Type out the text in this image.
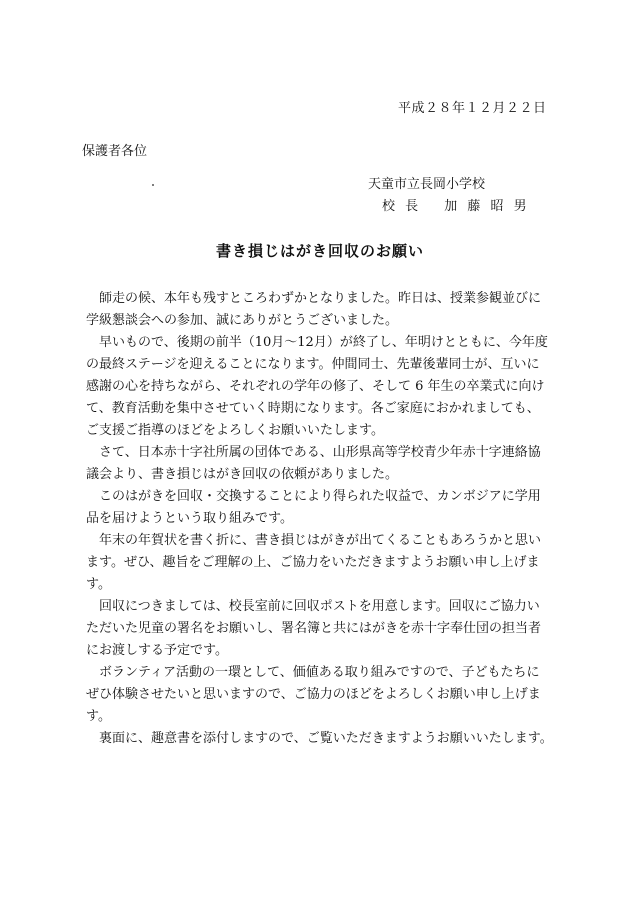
平成２８年１２月２２日
保護者各位
天童市立長岡小学校
校 長　 加 藤 昭 男
書き損じはがき回収のお願い
師走の候、本年も残すところわずかとなりました。昨日は、授業参観並びに
学級懇談会への参加、誠にありがとうございました。
早いもので、後期の前半（10月～12月）が終了し、年明けとともに、今年度
の最終ステージを迎えることになります。仲間同士、先輩後輩同士が、互いに
感謝の心を持ちながら、それぞれの学年の修了、そして 6 年生の卒業式に向け
て、教育活動を集中させていく時期になります。各ご家庭におかれましても、
ご支援ご指導のほどをよろしくお願いいたします。
さて、日本赤十字社所属の団体である、山形県高等学校青少年赤十字連絡協
議会より、書き損じはがき回収の依頼がありました。
このはがきを回収・交換することにより得られた収益で、カンボジアに学用
品を届けようという取り組みです。
年末の年賀状を書く折に、書き損じはがきが出てくることもあろうかと思い
ます。ぜひ、趣旨をご理解の上、ご協力をいただきますようお願い申し上げま
す。
回収につきましては、校長室前に回収ポストを用意します。回収にご協力い
ただいた児童の署名をお願いし、署名簿と共にはがきを赤十字奉仕団の担当者
にお渡しする予定です。
ボランティア活動の一環として、価値ある取り組みですので、子どもたちに
ぜひ体験させたいと思いますので、ご協力のほどをよろしくお願い申し上げま
す。
裏面に、趣意書を添付しますので、ご覧いただきますようお願いいたします。
